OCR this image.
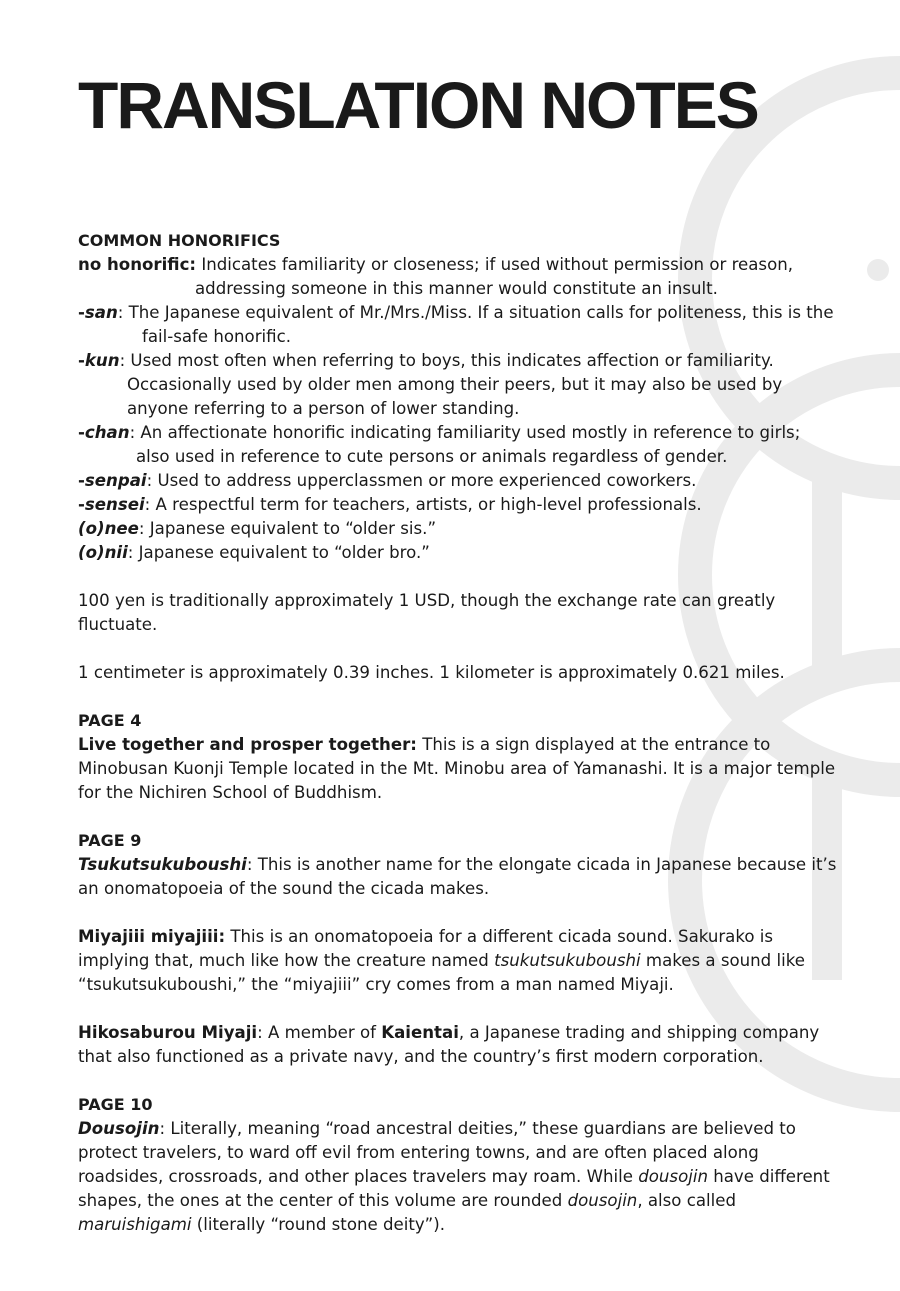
TRANSLATION NOTES
COMMON HONORIFICS

no honorific: Indicates familiarity or closeness; if used without permission or reason, addressing someone in this manner would constitute an insult.

-san: The Japanese equivalent of Mr./Mrs./Miss. If a situation calls for politeness, this is the fail-safe honorific.

-kun: Used most often when referring to boys, this indicates affection or familiarity. Occasionally used by older men among their peers, but it may also be used by anyone referring to a person of lower standing.

-chan: An affectionate honorific indicating familiarity used mostly in reference to girls; also used in reference to cute persons or animals regardless of gender.

-senpai: Used to address upperclassmen or more experienced coworkers.

-sensei: A respectful term for teachers, artists, or high-level professionals.

(o)nee: Japanese equivalent to “older sis.”

(o)nii: Japanese equivalent to “older bro.”

100 yen is traditionally approximately 1 USD, though the exchange rate can greatly fluctuate.

1 centimeter is approximately 0.39 inches. 1 kilometer is approximately 0.621 miles.

PAGE 4

Live together and prosper together: This is a sign displayed at the entrance to Minobusan Kuonji Temple located in the Mt. Minobu area of Yamanashi. It is a major temple for the Nichiren School of Buddhism.

PAGE 9

Tsukutsukuboushi: This is another name for the elongate cicada in Japanese because it’s an onomatopoeia of the sound the cicada makes.

Miyajiii miyajiii: This is an onomatopoeia for a different cicada sound. Sakurako is implying that, much like how the creature named tsukutsukuboushi makes a sound like “tsukutsukuboushi,” the “miyajiii” cry comes from a man named Miyaji.

Hikosaburou Miyaji: A member of Kaientai, a Japanese trading and shipping company that also functioned as a private navy, and the country’s first modern corporation.

PAGE 10

Dousojin: Literally, meaning “road ancestral deities,” these guardians are believed to protect travelers, to ward off evil from entering towns, and are often placed along roadsides, crossroads, and other places travelers may roam. While dousojin have different shapes, the ones at the center of this volume are rounded dousojin, also called maruishigami (literally “round stone deity”).
